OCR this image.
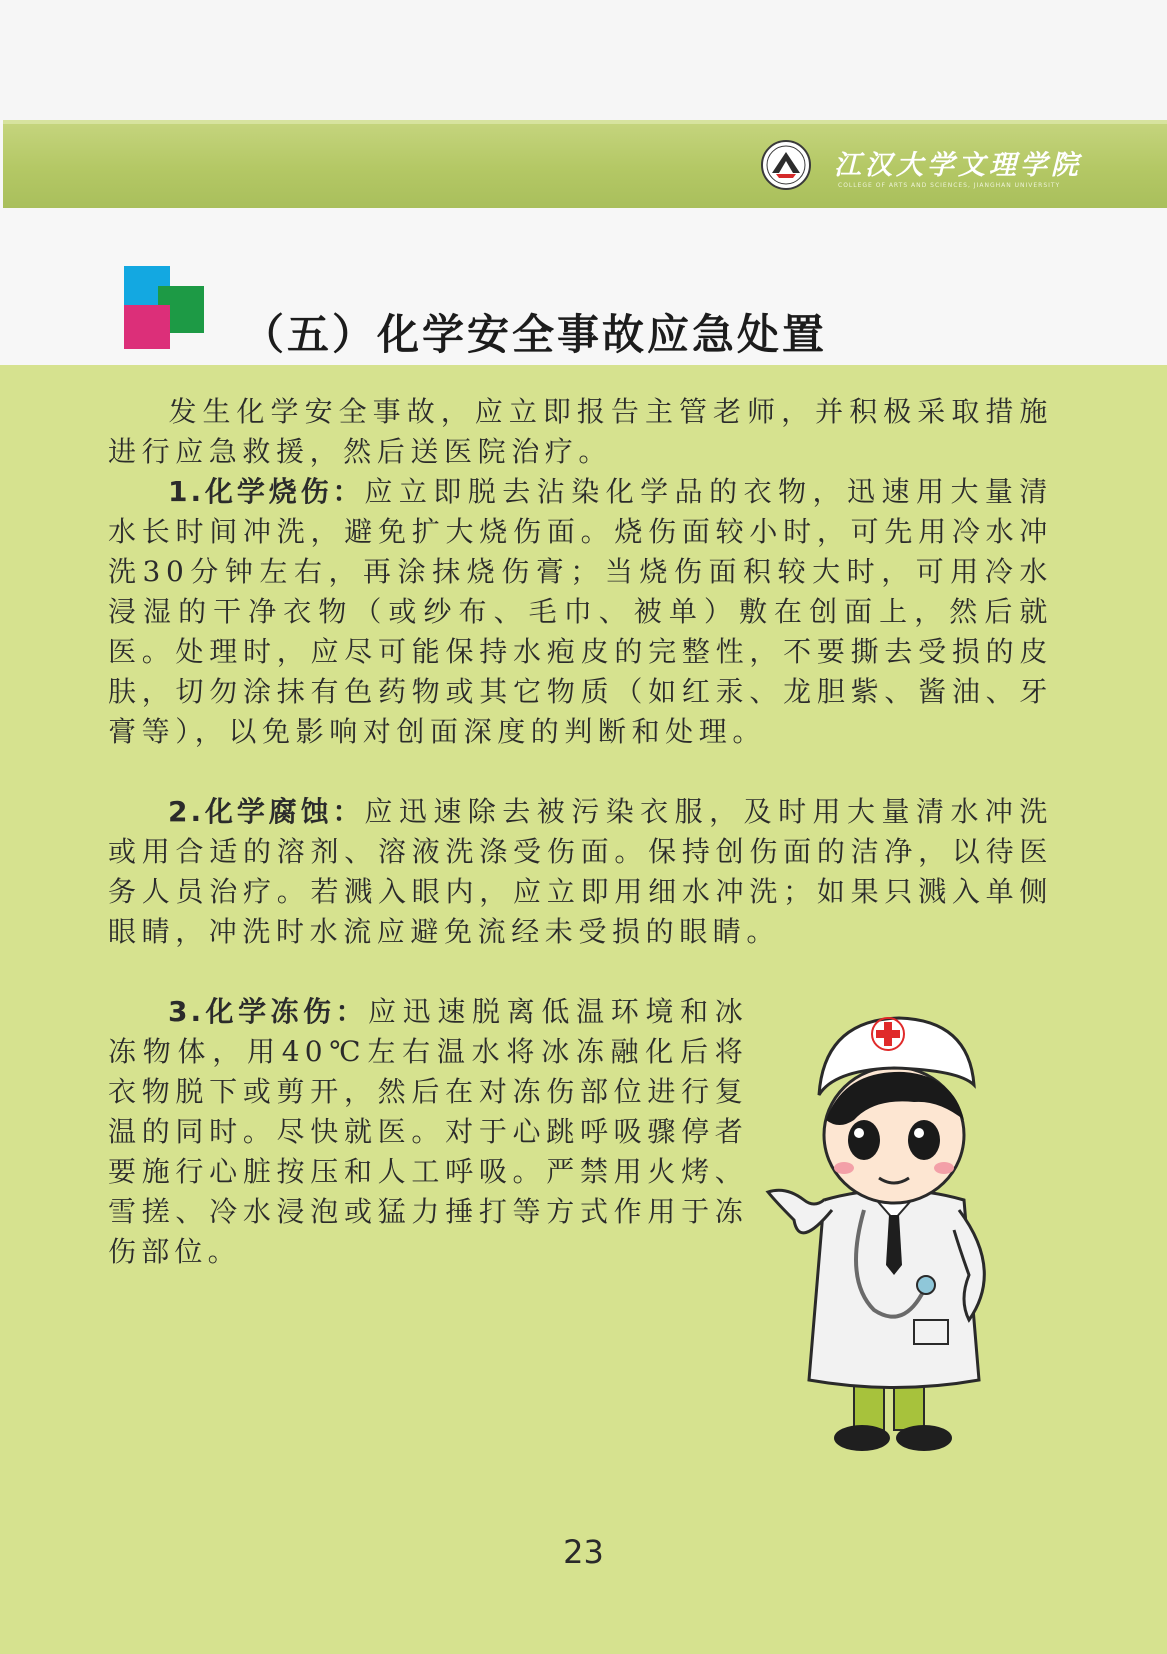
江汉大学文理学院
COLLEGE OF ARTS AND SCIENCES, JIANGHAN UNIVERSITY
（五）化学安全事故应急处置

发生化学安全事故，应立即报告主管老师，并积极采取措施进行应急救援，然后送医院治疗。

1.化学烧伤：应立即脱去沾染化学品的衣物，迅速用大量清水长时间冲洗，避免扩大烧伤面。烧伤面较小时，可先用冷水冲洗30分钟左右，再涂抹烧伤膏；当烧伤面积较大时，可用冷水浸湿的干净衣物（或纱布、毛巾、被单）敷在创面上，然后就医。处理时，应尽可能保持水疱皮的完整性，不要撕去受损的皮肤，切勿涂抹有色药物或其它物质（如红汞、龙胆紫、酱油、牙膏等），以免影响对创面深度的判断和处理。

2.化学腐蚀：应迅速除去被污染衣服，及时用大量清水冲洗或用合适的溶剂、溶液洗涤受伤面。保持创伤面的洁净，以待医务人员治疗。若溅入眼内，应立即用细水冲洗；如果只溅入单侧眼睛，冲洗时水流应避免流经未受损的眼睛。

3.化学冻伤：应迅速脱离低温环境和冰冻物体，用40℃左右温水将冰冻融化后将衣物脱下或剪开，然后在对冻伤部位进行复温的同时。尽快就医。对于心跳呼吸骤停者要施行心脏按压和人工呼吸。严禁用火烤、雪搓、冷水浸泡或猛力捶打等方式作用于冻伤部位。

23
